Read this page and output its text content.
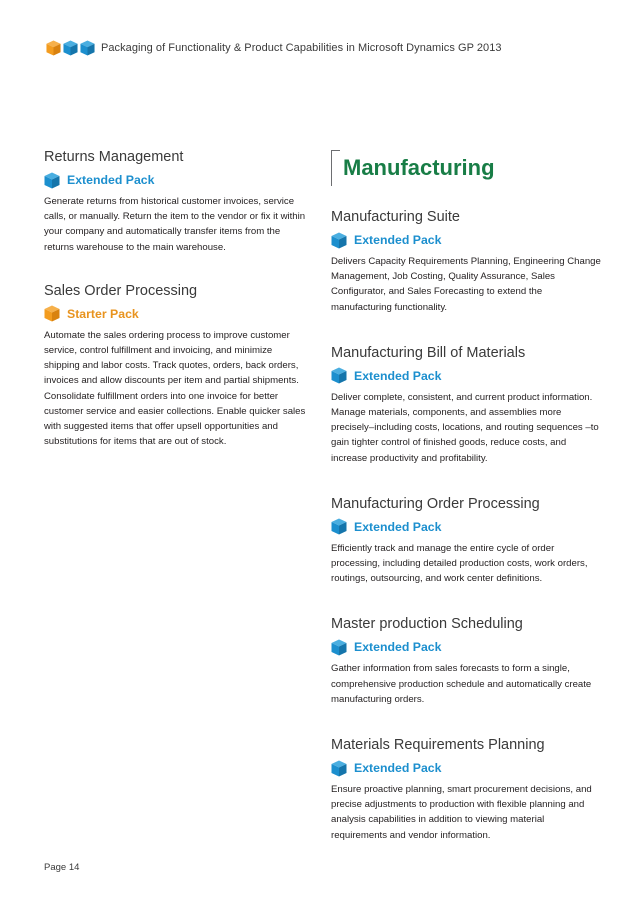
Packaging of Functionality & Product Capabilities in Microsoft Dynamics GP 2013
Returns Management
Extended Pack

Generate returns from historical customer invoices, service calls, or manually. Return the item to the vendor or fix it within your company and automatically transfer items from the returns warehouse to the main warehouse.

Sales Order Processing
Starter Pack

Automate the sales ordering process to improve customer service, control fulfillment and invoicing, and minimize shipping and labor costs. Track quotes, orders, back orders, invoices and allow discounts per item and partial shipments. Consolidate fulfillment orders into one invoice for better customer service and easier collections. Enable quicker sales with suggested items that offer upsell opportunities and substitutions for items that are out of stock.

Manufacturing
Manufacturing Suite
Extended Pack

Delivers Capacity Requirements Planning, Engineering Change Management, Job Costing, Quality Assurance, Sales Configurator, and Sales Forecasting to extend the manufacturing functionality.

Manufacturing Bill of Materials
Extended Pack

Deliver complete, consistent, and current product information. Manage materials, components, and assemblies more precisely–including costs, locations, and routing sequences –to gain tighter control of finished goods, reduce costs, and increase productivity and profitability.

Manufacturing Order Processing
Extended Pack

Efficiently track and manage the entire cycle of order processing, including detailed production costs, work orders, routings, outsourcing, and work center definitions.

Master production Scheduling
Extended Pack

Gather information from sales forecasts to form a single, comprehensive production schedule and automatically create manufacturing orders.

Materials Requirements Planning
Extended Pack

Ensure proactive planning, smart procurement decisions, and precise adjustments to production with flexible planning and analysis capabilities in addition to viewing material requirements and vendor information.

Page 14
